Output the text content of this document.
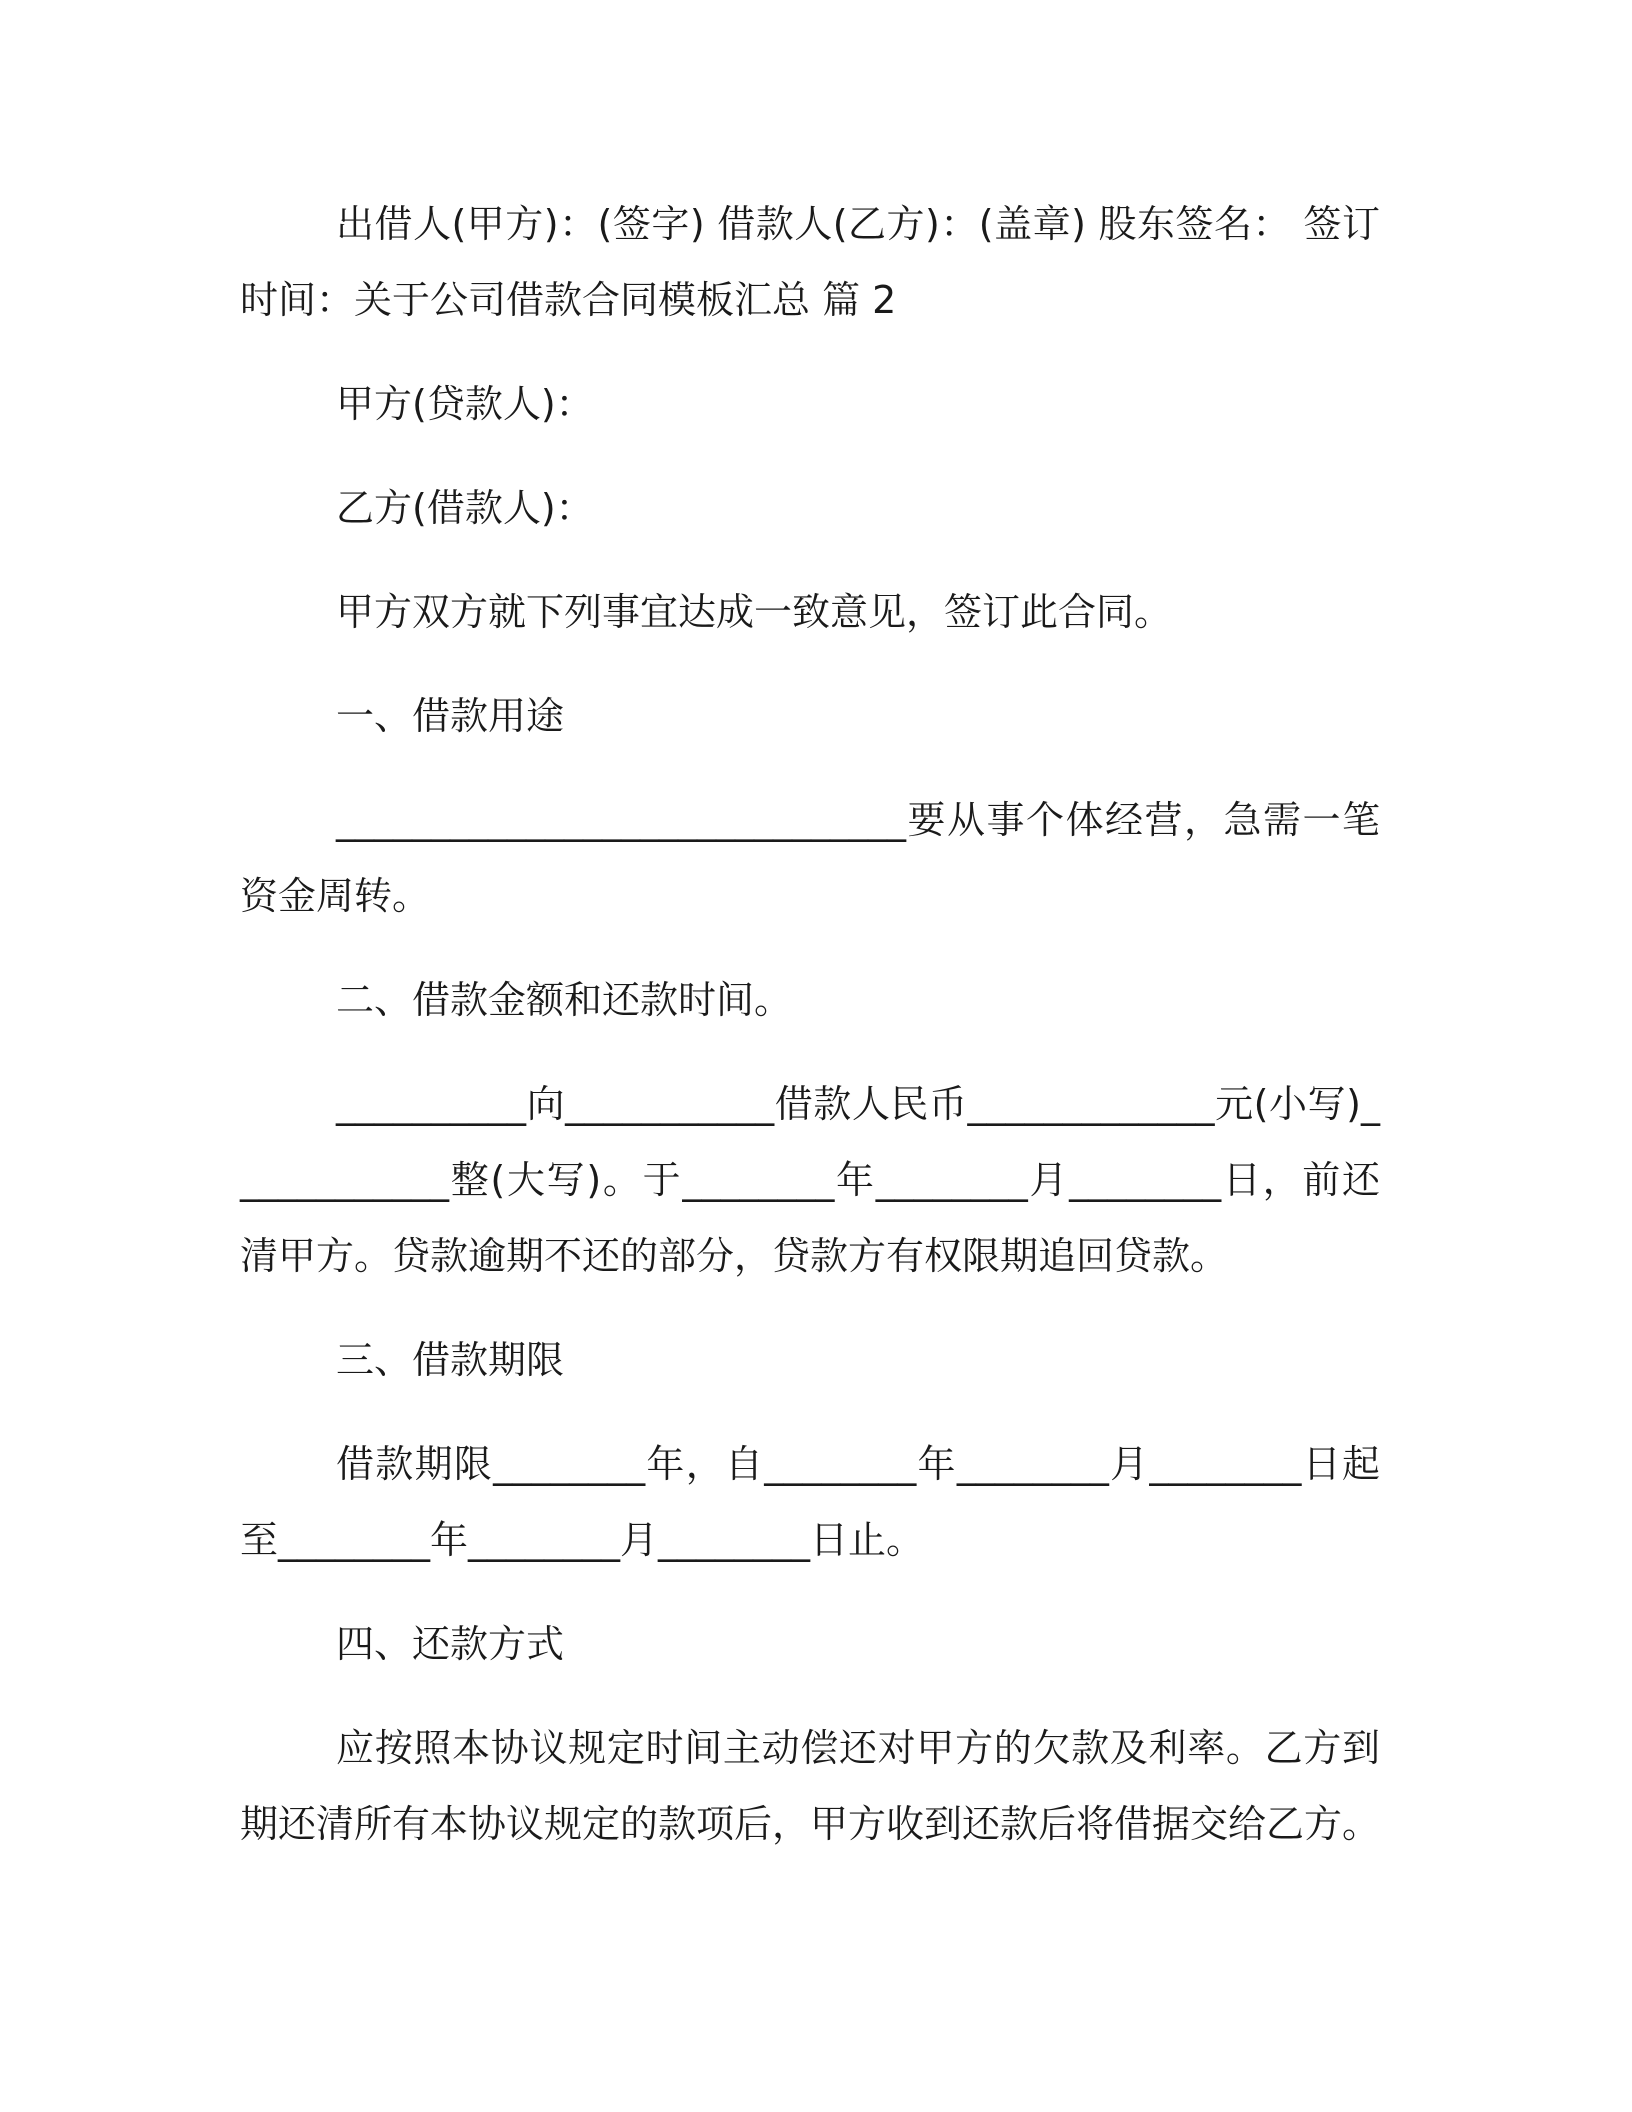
出借人(甲方)：(签字) 借款人(乙方)：(盖章) 股东签名： 签订时间：关于公司借款合同模板汇总 篇 2

甲方(贷款人)：

乙方(借款人)：

甲方双方就下列事宜达成一致意见，签订此合同。

一、借款用途

______________________________要从事个体经营，急需一笔资金周转。

二、借款金额和还款时间。

__________向___________借款人民币_____________元(小写)____________整(大写)。于________年________月________日，前还清甲方。贷款逾期不还的部分，贷款方有权限期追回贷款。

三、借款期限

借款期限________年，自________年________月________日起至________年________月________日止。

四、还款方式

应按照本协议规定时间主动偿还对甲方的欠款及利率。乙方到期还清所有本协议规定的款项后，甲方收到还款后将借据交给乙方。
